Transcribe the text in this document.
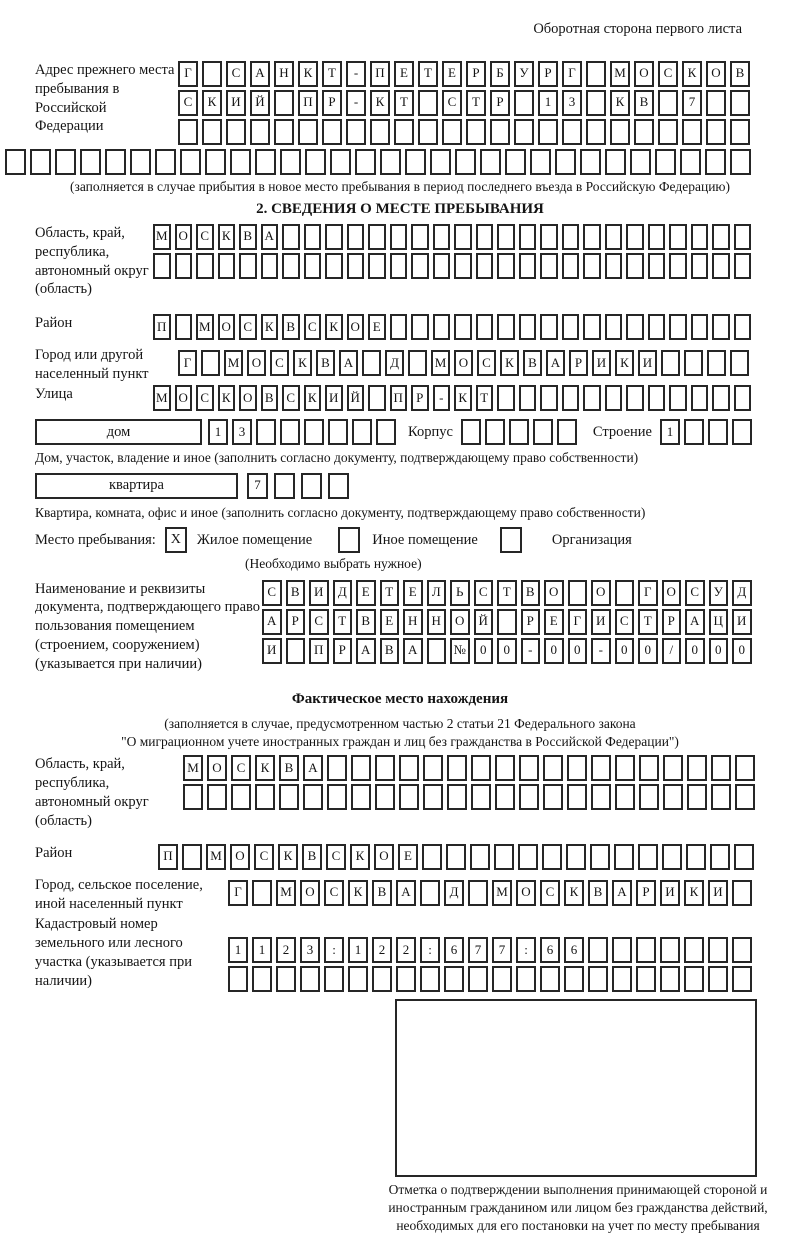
Оборотная сторона первого листа
Адрес прежнего места пребывания в Российской Федерации
Г	С	А	Н	К	Т	-	П	Е	Т	Е	Р	Б	У	Р	Г	М	О	С	К	О	В
С	К	И	Й	П	Р	-	К	Т	С	Т	Р	1	3	К	В	7
(заполняется в случае прибытия в новое место пребывания в период последнего въезда в Российскую Федерацию)
2. СВЕДЕНИЯ О МЕСТЕ ПРЕБЫВАНИЯ
Область, край, республика, автономный округ (область)
М О С К В А
Район	П	М О С К В С К О Е
Город или другой населенный пункт
Г	М О	С	К	В	А	Д	М О	С	К	В	А	Р	И	К	И
Улица	М О С К О В С К И Й	П	Р	-	К	Т
дом	1	3	Корпус	Строение	1
Дом, участок, владение и иное (заполнить согласно документу, подтверждающему право собственности)
квартира	7
Квартира, комната, офис и иное (заполнить согласно документу, подтверждающему право собственности)
Место пребывания:	X	Жилое помещение	Иное помещение	Организация
(Необходимо выбрать нужное)
Наименование и реквизиты документа, подтверждающего право пользования помещением (строением, сооружением) (указывается при наличии)
С	В	И	Д	Е	Т	Е	Л	Ь	С	Т	В	О	О	Г	О	С	У	Д
А	Р	С	Т	В	Е	Н	Н	О	Й	Р	Е	Г	И	С	Т	Р	А	Ц	И
И	П	Р	А	В	А	№	0	0	-	0	0	-	0	0	/	0	0	0
Фактическое место нахождения
(заполняется в случае, предусмотренном частью 2 статьи 21 Федерального закона
"О миграционном учете иностранных граждан и лиц без гражданства в Российской Федерации")
Область, край, республика, автономный округ (область)
М	О	С	К	В	А
Район	П	М	О	С	К	В	С	К	О	Е
Город, сельское поселение, иной населенный пункт
Г	М	О	С	К	В	А	Д	М	О	С	К	В	А	Р	И	К	И
Кадастровый номер земельного или лесного участка (указывается при наличии)
1	1	2	3	:	1	2	2	:	6	7	7	:	6	6
Отметка о подтверждении выполнения принимающей стороной и иностранным гражданином или лицом без гражданства действий, необходимых для его постановки на учет по месту пребывания
